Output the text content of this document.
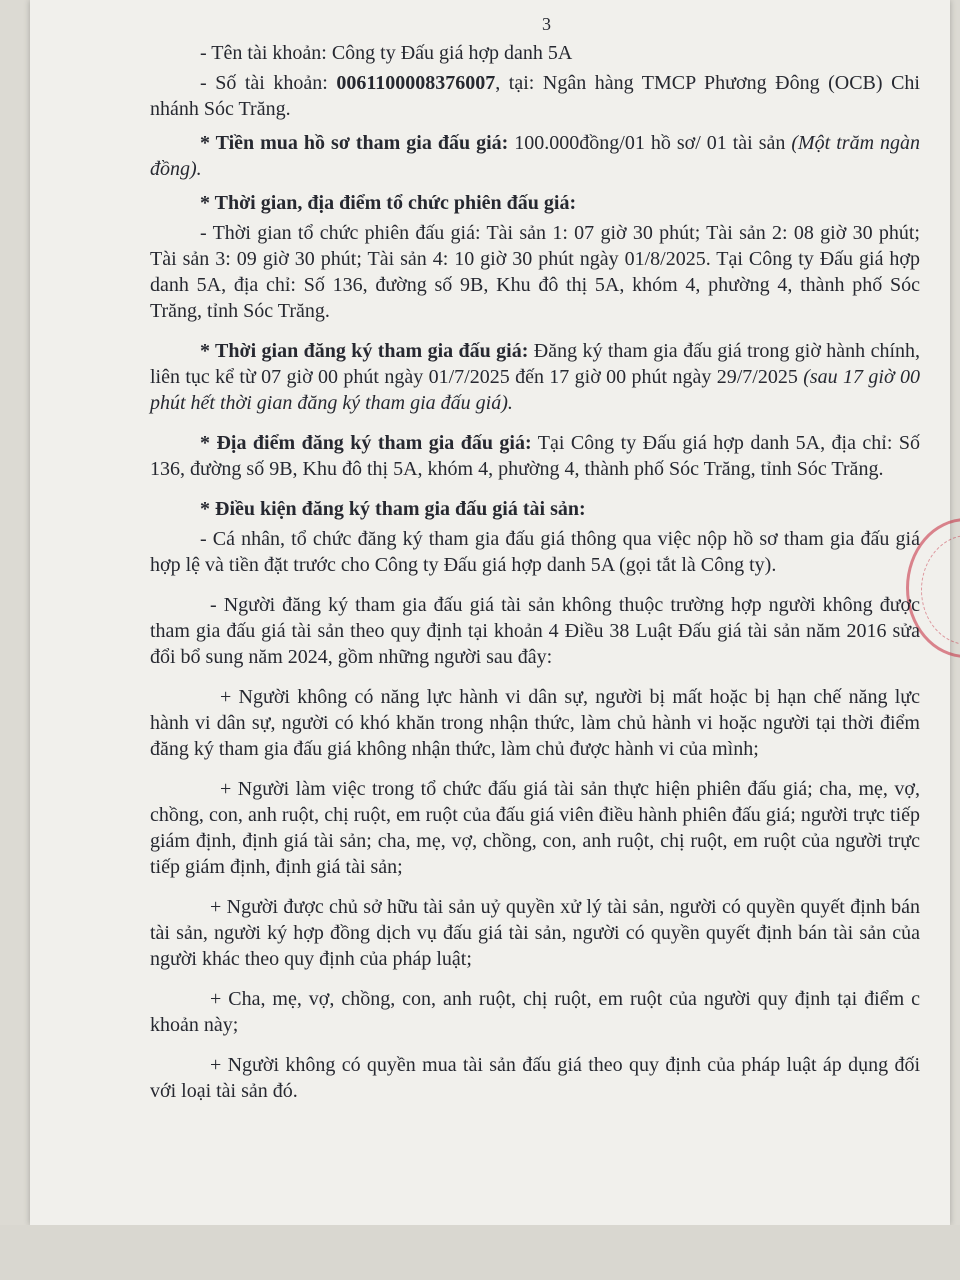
3

- Tên tài khoản: Công ty Đấu giá hợp danh 5A

- Số tài khoản: 0061100008376007, tại: Ngân hàng TMCP Phương Đông (OCB) Chi nhánh Sóc Trăng.

* Tiền mua hồ sơ tham gia đấu giá: 100.000đồng/01 hồ sơ/ 01 tài sản (Một trăm ngàn đồng).

* Thời gian, địa điểm tổ chức phiên đấu giá:

- Thời gian tổ chức phiên đấu giá: Tài sản 1: 07 giờ 30 phút; Tài sản 2: 08 giờ 30 phút; Tài sản 3: 09 giờ 30 phút; Tài sản 4: 10 giờ 30 phút ngày 01/8/2025. Tại Công ty Đấu giá hợp danh 5A, địa chỉ: Số 136, đường số 9B, Khu đô thị 5A, khóm 4, phường 4, thành phố Sóc Trăng, tỉnh Sóc Trăng.

* Thời gian đăng ký tham gia đấu giá: Đăng ký tham gia đấu giá trong giờ hành chính, liên tục kể từ 07 giờ 00 phút ngày 01/7/2025 đến 17 giờ 00 phút ngày 29/7/2025 (sau 17 giờ 00 phút hết thời gian đăng ký tham gia đấu giá).

* Địa điểm đăng ký tham gia đấu giá: Tại Công ty Đấu giá hợp danh 5A, địa chỉ: Số 136, đường số 9B, Khu đô thị 5A, khóm 4, phường 4, thành phố Sóc Trăng, tỉnh Sóc Trăng.

* Điều kiện đăng ký tham gia đấu giá tài sản:

- Cá nhân, tổ chức đăng ký tham gia đấu giá thông qua việc nộp hồ sơ tham gia đấu giá hợp lệ và tiền đặt trước cho Công ty Đấu giá hợp danh 5A (gọi tắt là Công ty).

- Người đăng ký tham gia đấu giá tài sản không thuộc trường hợp người không được tham gia đấu giá tài sản theo quy định tại khoản 4 Điều 38 Luật Đấu giá tài sản năm 2016 sửa đổi bổ sung năm 2024, gồm những người sau đây:

+ Người không có năng lực hành vi dân sự, người bị mất hoặc bị hạn chế năng lực hành vi dân sự, người có khó khăn trong nhận thức, làm chủ hành vi hoặc người tại thời điểm đăng ký tham gia đấu giá không nhận thức, làm chủ được hành vi của mình;

+ Người làm việc trong tổ chức đấu giá tài sản thực hiện phiên đấu giá; cha, mẹ, vợ, chồng, con, anh ruột, chị ruột, em ruột của đấu giá viên điều hành phiên đấu giá; người trực tiếp giám định, định giá tài sản; cha, mẹ, vợ, chồng, con, anh ruột, chị ruột, em ruột của người trực tiếp giám định, định giá tài sản;

+ Người được chủ sở hữu tài sản uỷ quyền xử lý tài sản, người có quyền quyết định bán tài sản, người ký hợp đồng dịch vụ đấu giá tài sản, người có quyền quyết định bán tài sản của người khác theo quy định của pháp luật;

+ Cha, mẹ, vợ, chồng, con, anh ruột, chị ruột, em ruột của người quy định tại điểm c khoản này;

+ Người không có quyền mua tài sản đấu giá theo quy định của pháp luật áp dụng đối với loại tài sản đó.
